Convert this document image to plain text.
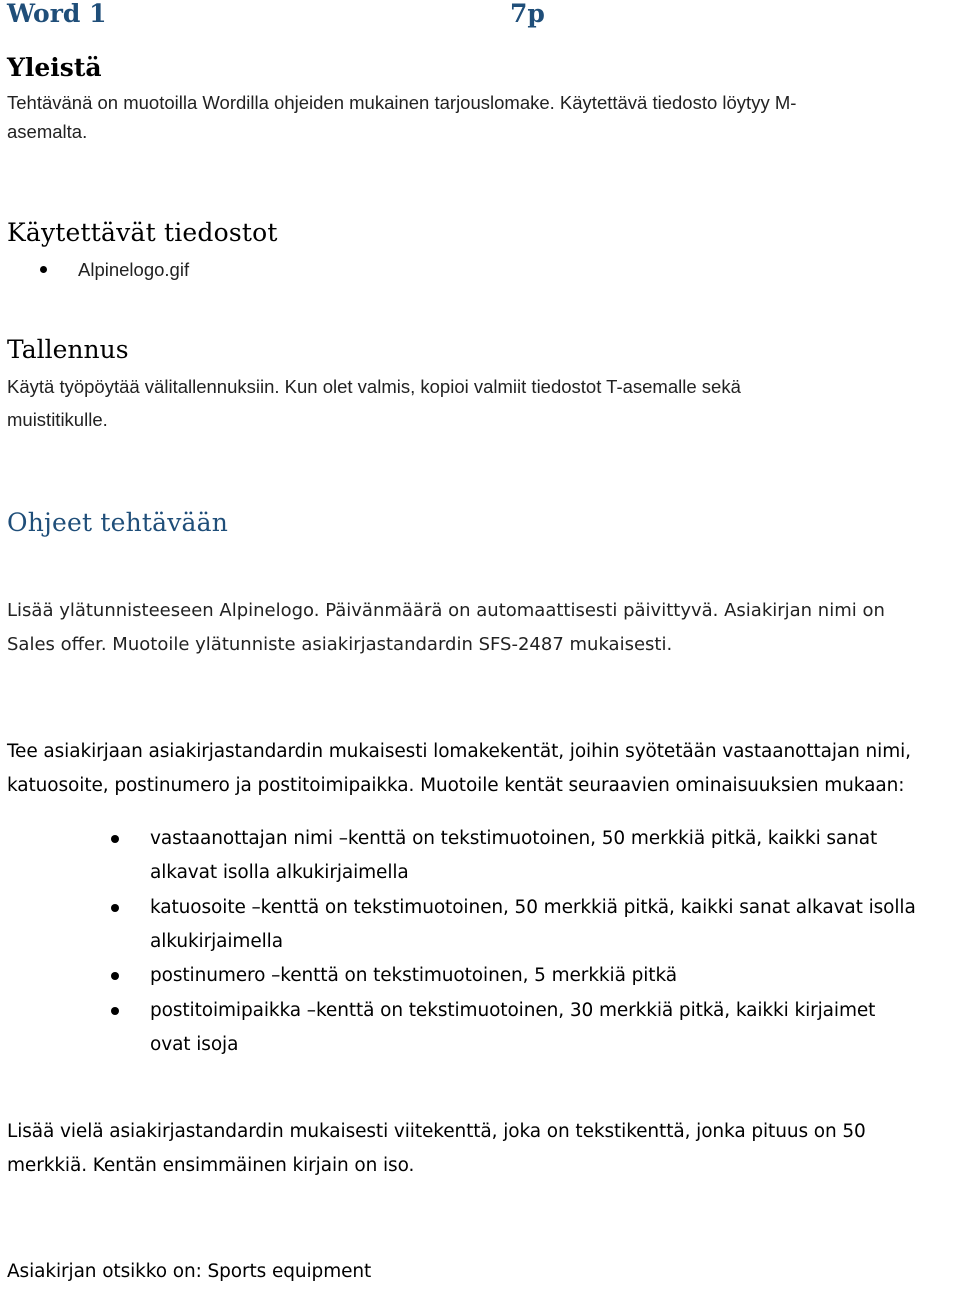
Word 1	7p
Yleistä
Tehtävänä on muotoilla Wordilla ohjeiden mukainen tarjouslomake. Käytettävä tiedosto löytyy M-
asemalta.
Käytettävät tiedostot
Alpinelogo.gif
Tallennus
Käytä työpöytää välitallennuksiin. Kun olet valmis, kopioi valmiit tiedostot T-asemalle sekä
muistitikulle.
Ohjeet tehtävään
Lisää ylätunnisteeseen Alpinelogo. Päivänmäärä on automaattisesti päivittyvä. Asiakirjan nimi on
Sales offer. Muotoile ylätunniste asiakirjastandardin SFS-2487 mukaisesti.
Tee asiakirjaan asiakirjastandardin mukaisesti lomakekentät, joihin syötetään vastaanottajan nimi,
katuosoite, postinumero ja postitoimipaikka. Muotoile kentät seuraavien ominaisuuksien mukaan:
vastaanottajan nimi –kenttä on tekstimuotoinen, 50 merkkiä pitkä, kaikki sanat
alkavat isolla alkukirjaimella
katuosoite –kenttä on tekstimuotoinen, 50 merkkiä pitkä, kaikki sanat alkavat isolla
alkukirjaimella
postinumero –kenttä on tekstimuotoinen, 5 merkkiä pitkä
postitoimipaikka –kenttä on tekstimuotoinen, 30 merkkiä pitkä, kaikki kirjaimet
ovat isoja
Lisää vielä asiakirjastandardin mukaisesti viitekenttä, joka on tekstikenttä, jonka pituus on 50
merkkiä. Kentän ensimmäinen kirjain on iso.
Asiakirjan otsikko on: Sports equipment
